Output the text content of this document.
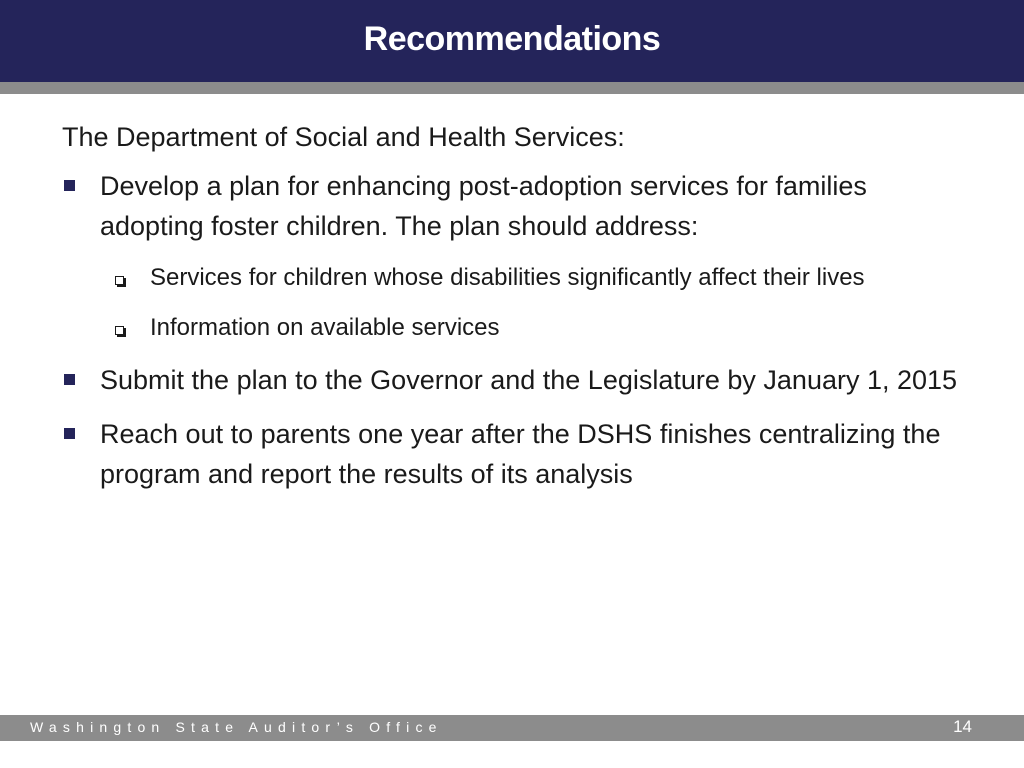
Recommendations

The Department of Social and Health Services:

Develop a plan for enhancing post-adoption services for families adopting foster children. The plan should address:
Services for children whose disabilities significantly affect their lives
Information on available services
Submit the plan to the Governor and the Legislature by January 1, 2015
Reach out to parents one year after the DSHS finishes centralizing the program and report the results of its analysis
Washington State Auditor’s Office	14
